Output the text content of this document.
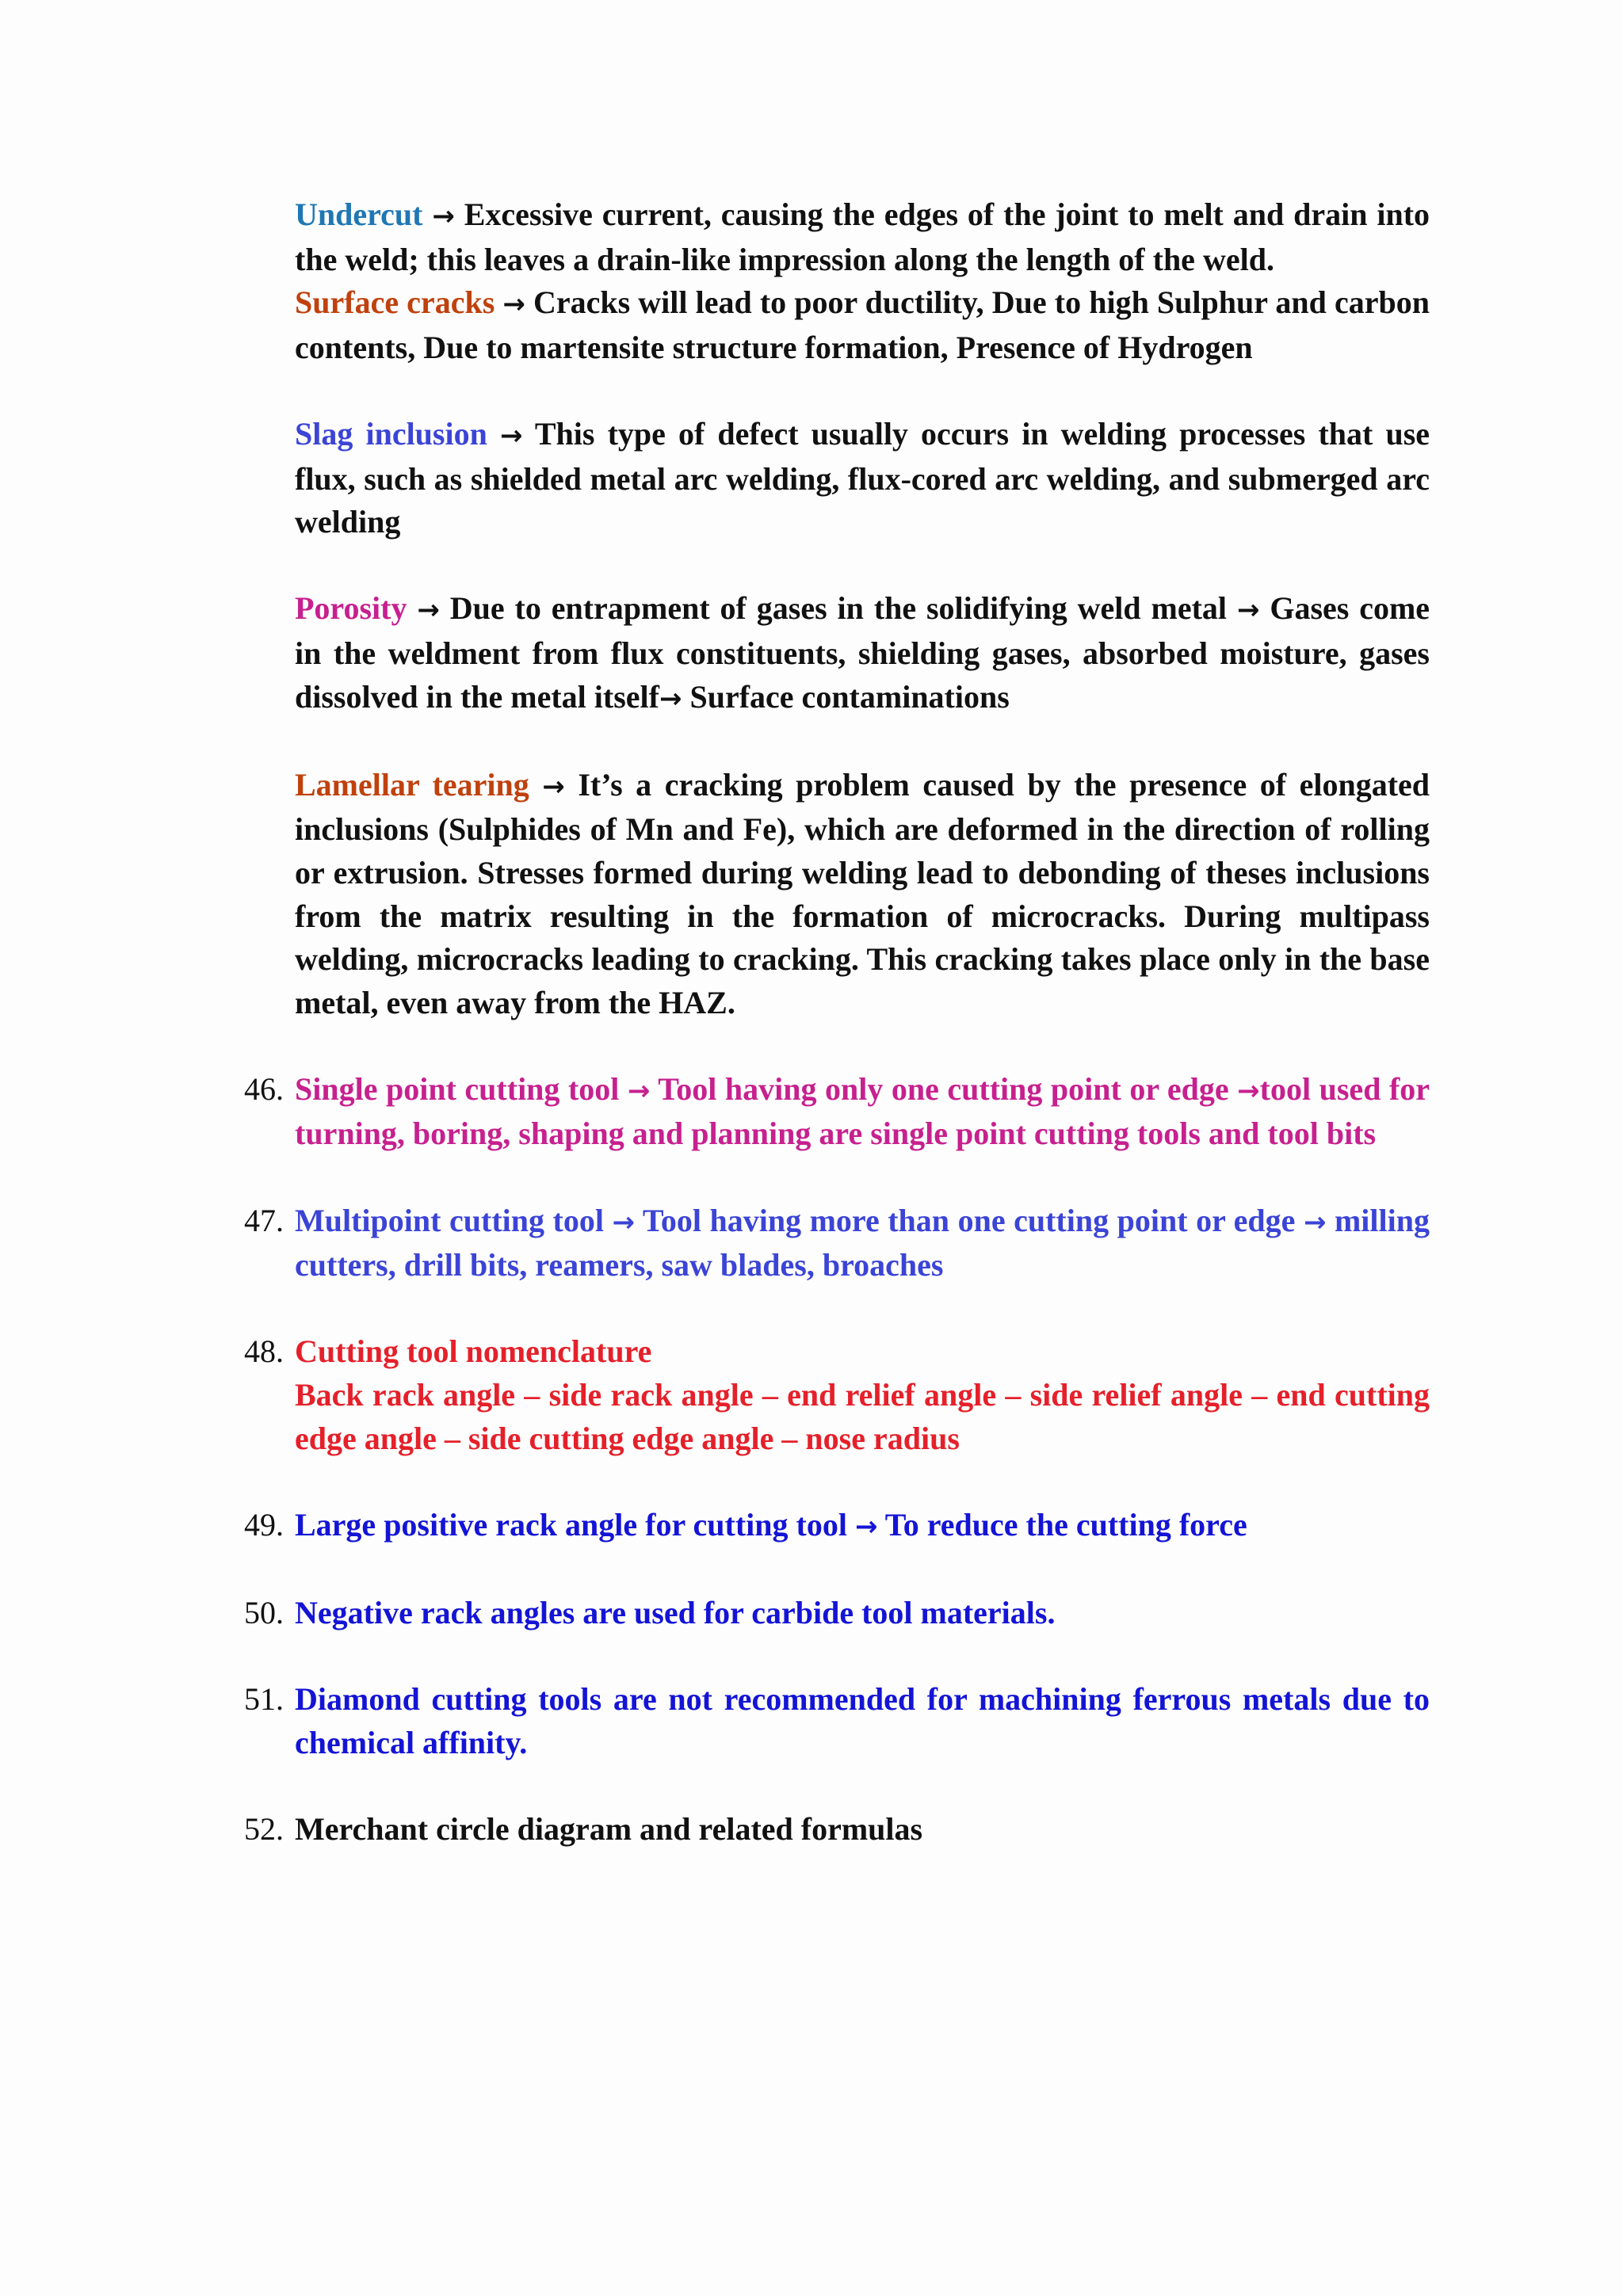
Undercut → Excessive current, causing the edges of the joint to melt and drain into the weld; this leaves a drain-like impression along the length of the weld.

Surface cracks → Cracks will lead to poor ductility, Due to high Sulphur and carbon contents, Due to martensite structure formation, Presence of Hydrogen

Slag inclusion → This type of defect usually occurs in welding processes that use flux, such as shielded metal arc welding, flux-cored arc welding, and submerged arc welding

Porosity → Due to entrapment of gases in the solidifying weld metal → Gases come in the weldment from flux constituents, shielding gases, absorbed moisture, gases dissolved in the metal itself→ Surface contaminations

Lamellar tearing → It’s a cracking problem caused by the presence of elongated inclusions (Sulphides of Mn and Fe), which are deformed in the direction of rolling or extrusion. Stresses formed during welding lead to debonding of theses inclusions from the matrix resulting in the formation of microcracks. During multipass welding, microcracks leading to cracking. This cracking takes place only in the base metal, even away from the HAZ.

46. Single point cutting tool → Tool having only one cutting point or edge →tool used for turning, boring, shaping and planning are single point cutting tools and tool bits

47. Multipoint cutting tool → Tool having more than one cutting point or edge → milling cutters, drill bits, reamers, saw blades, broaches

48. Cutting tool nomenclature
Back rack angle – side rack angle – end relief angle – side relief angle – end cutting edge angle – side cutting edge angle – nose radius

49. Large positive rack angle for cutting tool → To reduce the cutting force

50. Negative rack angles are used for carbide tool materials.

51. Diamond cutting tools are not recommended for machining ferrous metals due to chemical affinity.

52. Merchant circle diagram and related formulas
